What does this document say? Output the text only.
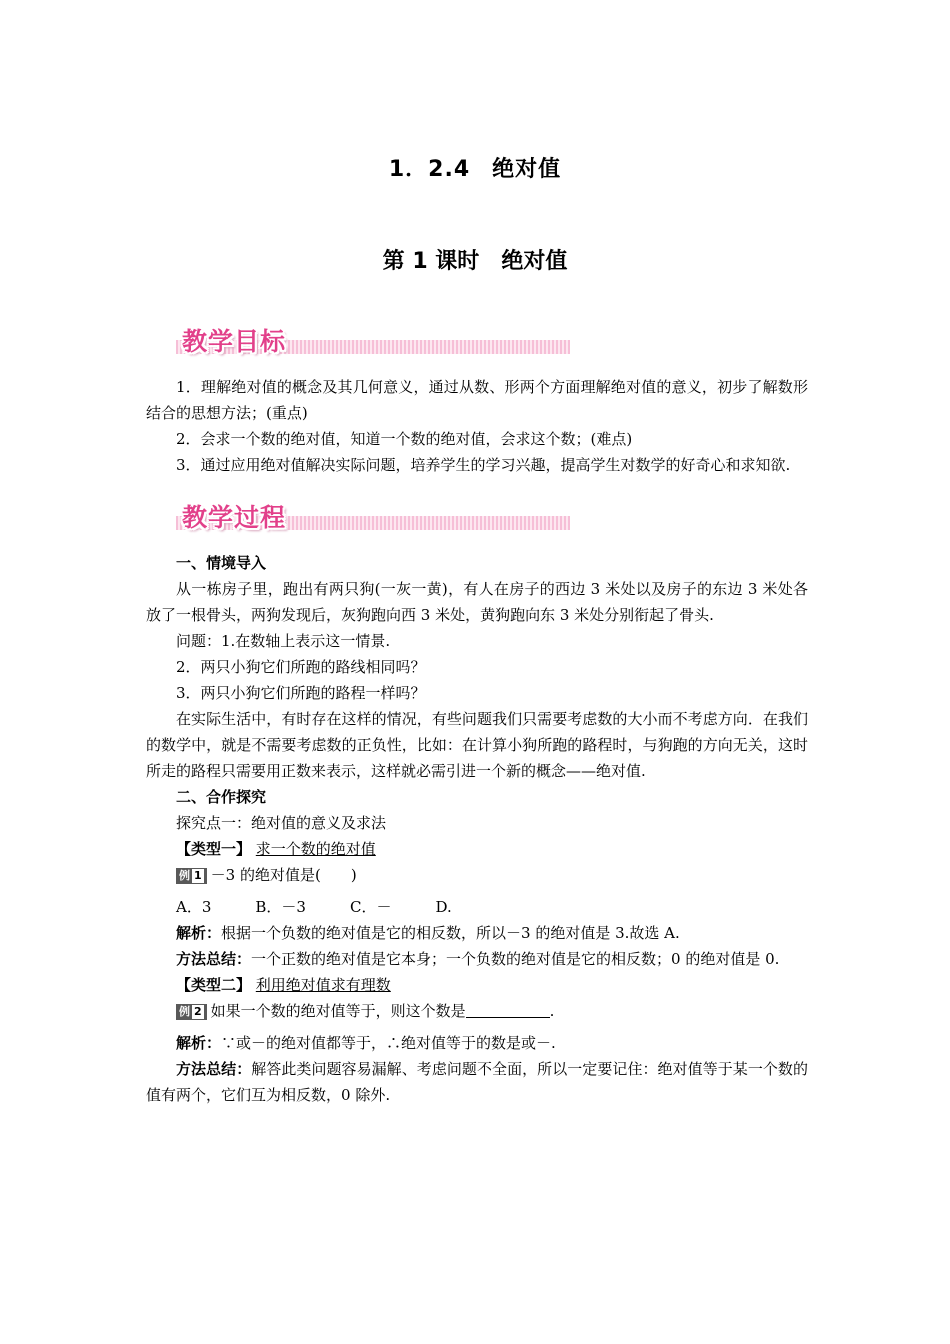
1．2.4 绝对值
第 1 课时 绝对值
教学目标

1．理解绝对值的概念及其几何意义，通过从数、形两个方面理解绝对值的意义，初步了解数形结合的思想方法；(重点)

2．会求一个数的绝对值，知道一个数的绝对值，会求这个数；(难点)

3．通过应用绝对值解决实际问题，培养学生的学习兴趣，提高学生对数学的好奇心和求知欲.

教学过程

一、情境导入

从一栋房子里，跑出有两只狗(一灰一黄)，有人在房子的西边 3 米处以及房子的东边 3 米处各放了一根骨头，两狗发现后，灰狗跑向西 3 米处，黄狗跑向东 3 米处分别衔起了骨头.

问题：1.在数轴上表示这一情景.

2．两只小狗它们所跑的路线相同吗？

3．两只小狗它们所跑的路程一样吗？

在实际生活中，有时存在这样的情况，有些问题我们只需要考虑数的大小而不考虑方向．在我们的数学中，就是不需要考虑数的正负性，比如：在计算小狗所跑的路程时，与狗跑的方向无关，这时所走的路程只需要用正数来表示，这样就必需引进一个新的概念——绝对值.

二、合作探究

探究点一：绝对值的意义及求法

【类型一】 求一个数的绝对值

例 1 －3 的绝对值是(　　)

A．3	B．－3	C．－	D.

解析：根据一个负数的绝对值是它的相反数，所以－3 的绝对值是 3.故选 A.

方法总结：一个正数的绝对值是它本身；一个负数的绝对值是它的相反数；0 的绝对值是 0.

【类型二】 利用绝对值求有理数

例 2 如果一个数的绝对值等于，则这个数是	.

解析：∵或－的绝对值都等于，∴绝对值等于的数是或－.

方法总结：解答此类问题容易漏解、考虑问题不全面，所以一定要记住：绝对值等于某一个数的值有两个，它们互为相反数，0 除外.
